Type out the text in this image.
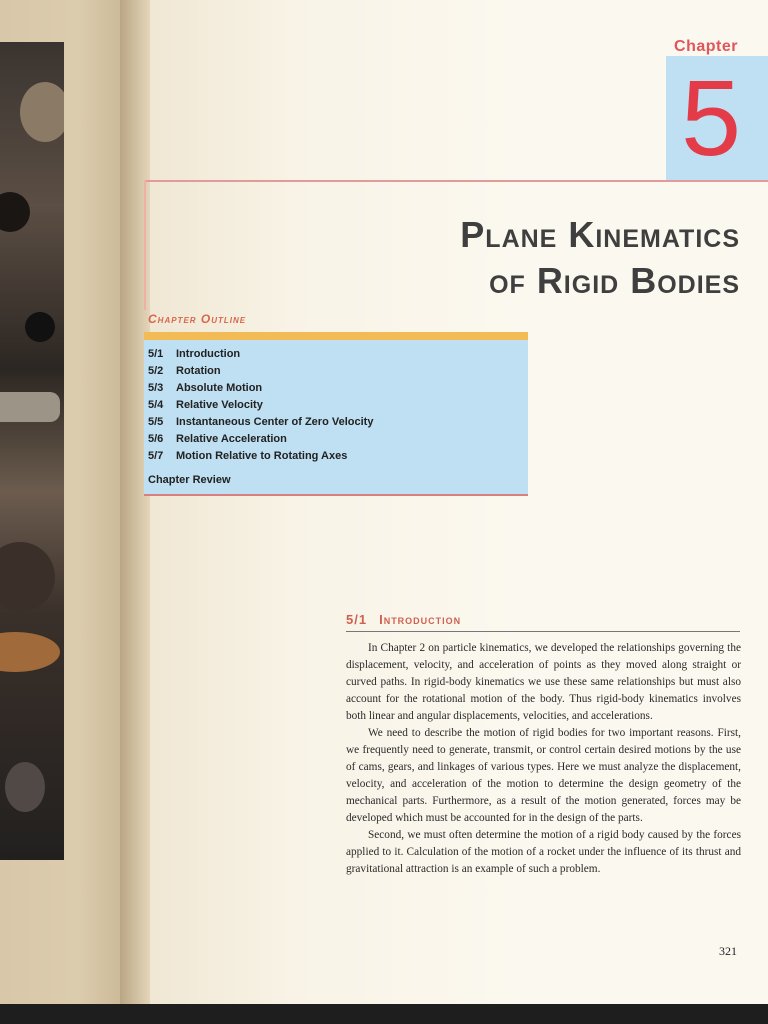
Chapter
5
Plane Kinematics
of Rigid Bodies
Chapter Outline
5/1	Introduction
5/2	Rotation
5/3	Absolute Motion
5/4	Relative Velocity
5/5	Instantaneous Center of Zero Velocity
5/6	Relative Acceleration
5/7	Motion Relative to Rotating Axes
Chapter Review
5/1 Introduction

In Chapter 2 on particle kinematics, we developed the relationships governing the displacement, velocity, and acceleration of points as they moved along straight or curved paths. In rigid-body kinematics we use these same relationships but must also account for the rotational motion of the body. Thus rigid-body kinematics involves both linear and angular displacements, velocities, and accelerations.

We need to describe the motion of rigid bodies for two important reasons. First, we frequently need to generate, transmit, or control certain desired motions by the use of cams, gears, and linkages of various types. Here we must analyze the displacement, velocity, and acceleration of the motion to determine the design geometry of the mechanical parts. Furthermore, as a result of the motion generated, forces may be developed which must be accounted for in the design of the parts.

Second, we must often determine the motion of a rigid body caused by the forces applied to it. Calculation of the motion of a rocket under the influence of its thrust and gravitational attraction is an example of such a problem.

321
